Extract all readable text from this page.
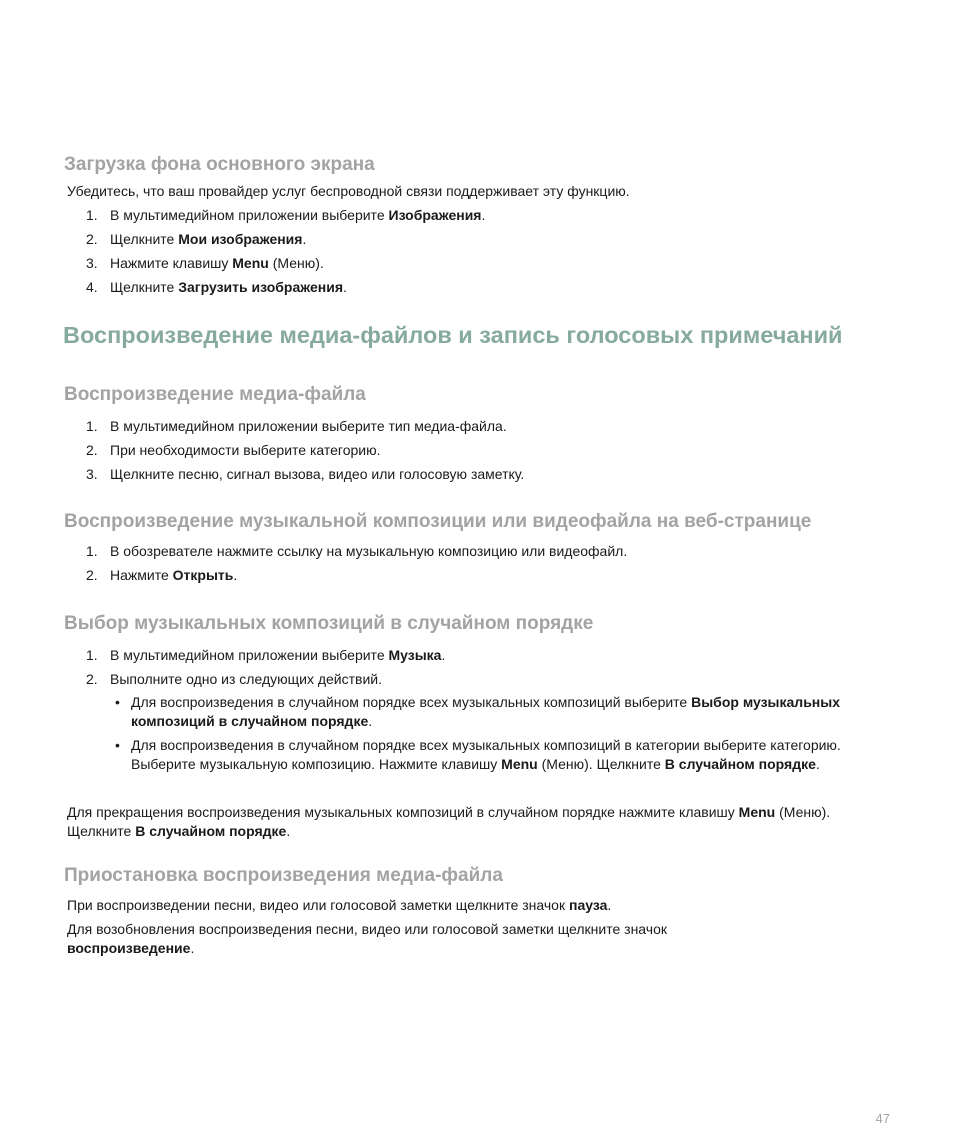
Загрузка фона основного экрана

Убедитесь, что ваш провайдер услуг беспроводной связи поддерживает эту функцию.

1. В мультимедийном приложении выберите Изображения.
2. Щелкните Мои изображения.
3. Нажмите клавишу Menu (Меню).
4. Щелкните Загрузить изображения.
Воспроизведение медиа-файлов и запись голосовых примечаний
Воспроизведение медиа-файла
1. В мультимедийном приложении выберите тип медиа-файла.
2. При необходимости выберите категорию.
3. Щелкните песню, сигнал вызова, видео или голосовую заметку.
Воспроизведение музыкальной композиции или видеофайла на веб-странице
1. В обозревателе нажмите ссылку на музыкальную композицию или видеофайл.
2. Нажмите Открыть.
Выбор музыкальных композиций в случайном порядке
1. В мультимедийном приложении выберите Музыка.
2. Выполните одно из следующих действий.
• Для воспроизведения в случайном порядке всех музыкальных композиций выберите Выбор музыкальных композиций в случайном порядке.
• Для воспроизведения в случайном порядке всех музыкальных композиций в категории выберите категорию. Выберите музыкальную композицию. Нажмите клавишу Menu (Меню). Щелкните В случайном порядке.

Для прекращения воспроизведения музыкальных композиций в случайном порядке нажмите клавишу Menu (Меню). Щелкните В случайном порядке.

Приостановка воспроизведения медиа-файла

При воспроизведении песни, видео или голосовой заметки щелкните значок пауза.

Для возобновления воспроизведения песни, видео или голосовой заметки щелкните значок воспроизведение.

47
